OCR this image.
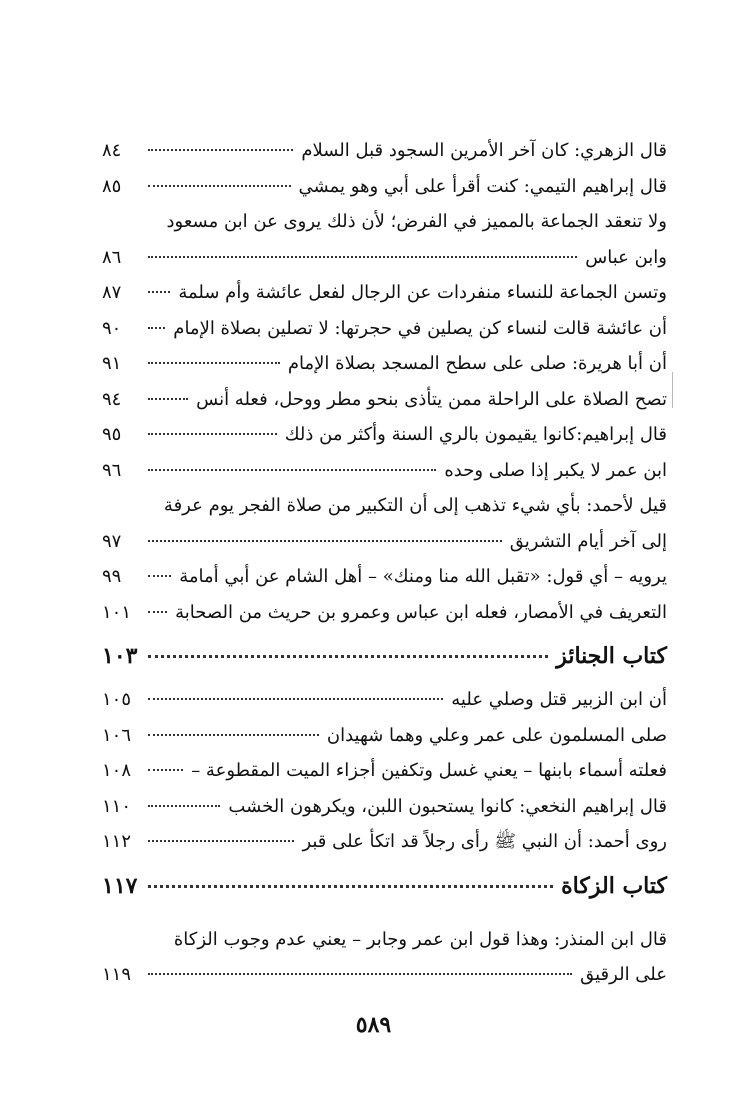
قال الزهري: كان آخر الأمرين السجود قبل السلام
٨٤
قال إبراهيم التيمي: كنت أقرأ على أبي وهو يمشي
٨٥
ولا تنعقد الجماعة بالمميز في الفرض؛ لأن ذلك يروى عن ابن مسعود
وابن عباس
٨٦
وتسن الجماعة للنساء منفردات عن الرجال لفعل عائشة وأم سلمة
٨٧
أن عائشة قالت لنساء كن يصلين في حجرتها: لا تصلين بصلاة الإمام
٩٠
أن أبا هريرة: صلى على سطح المسجد بصلاة الإمام
٩١
تصح الصلاة على الراحلة ممن يتأذى بنحو مطر ووحل، فعله أنس
٩٤
قال إبراهيم:كانوا يقيمون بالري السنة وأكثر من ذلك
٩٥
ابن عمر لا يكبر إذا صلى وحده
٩٦
قيل لأحمد: بأي شيء تذهب إلى أن التكبير من صلاة الفجر يوم عرفة
إلى آخر أيام التشريق
٩٧
يرويه – أي قول: «تقبل الله منا ومنك» – أهل الشام عن أبي أمامة
٩٩
التعريف في الأمصار، فعله ابن عباس وعمرو بن حريث من الصحابة
١٠١
كتاب الجنائز
١٠٣
أن ابن الزبير قتل وصلي عليه
١٠٥
صلى المسلمون على عمر وعلي وهما شهيدان
١٠٦
فعلته أسماء بابنها – يعني غسل وتكفين أجزاء الميت المقطوعة –
١٠٨
قال إبراهيم النخعي: كانوا يستحبون اللبن، ويكرهون الخشب
١١٠
روى أحمد: أن النبي ﷺ رأى رجلاً قد اتكأ على قبر
١١٢
كتاب الزكاة
١١٧
قال ابن المنذر: وهذا قول ابن عمر وجابر – يعني عدم وجوب الزكاة
على الرقيق
١١٩
٥٨٩
